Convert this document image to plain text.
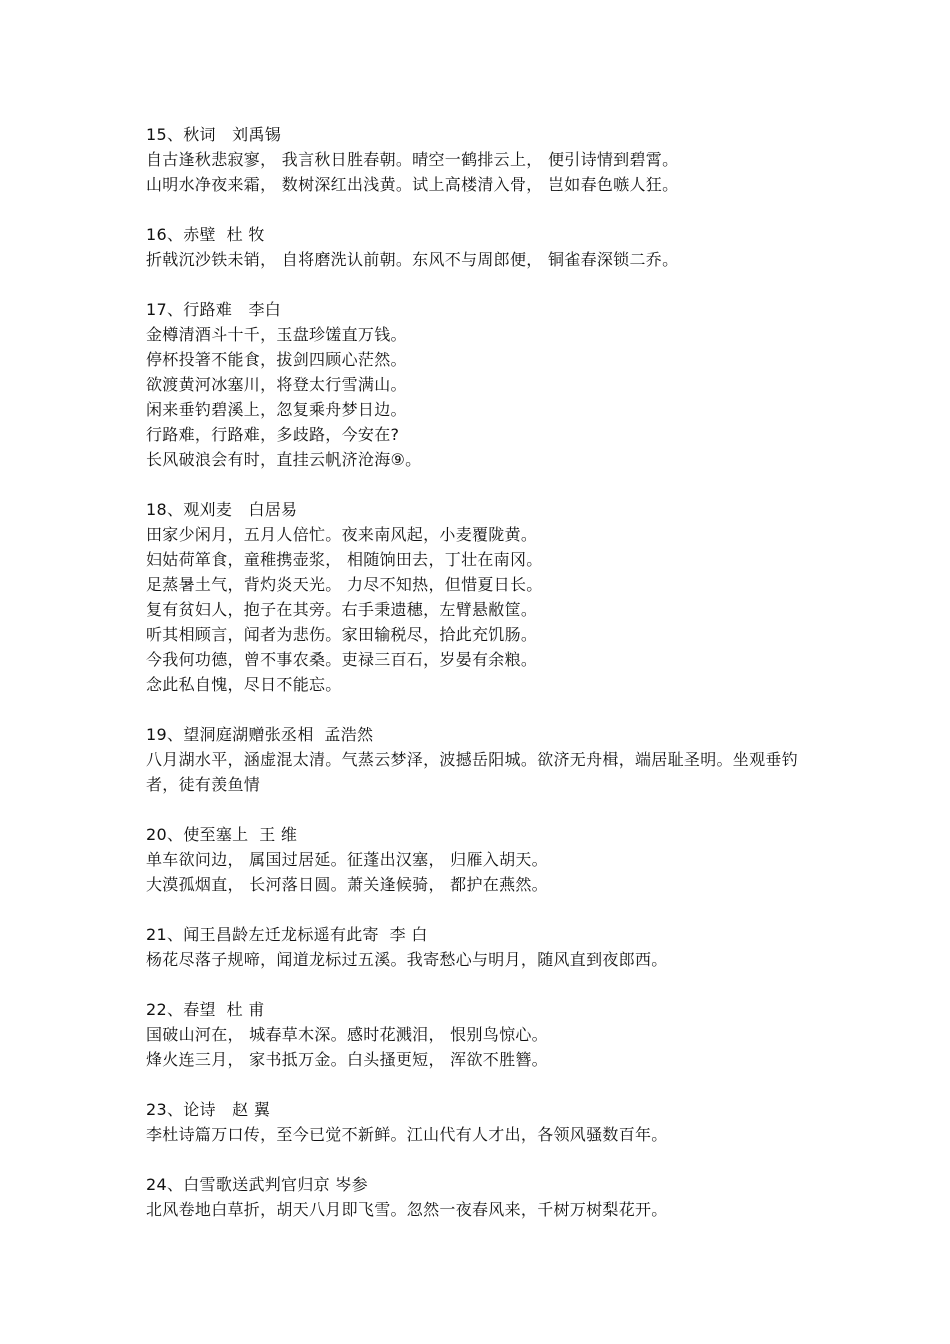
15、秋词　刘禹锡

自古逢秋悲寂寥， 我言秋日胜春朝。晴空一鹤排云上， 便引诗情到碧霄。

山明水净夜来霜， 数树深红出浅黄。试上高楼清入骨， 岂如春色嗾人狂。

16、赤壁  杜 牧

折戟沉沙铁未销， 自将磨洗认前朝。东风不与周郎便， 铜雀春深锁二乔。

17、行路难　李白

金樽清酒斗十千，玉盘珍馐直万钱。

停杯投箸不能食，拔剑四顾心茫然。

欲渡黄河冰塞川，将登太行雪满山。

闲来垂钓碧溪上，忽复乘舟梦日边。

行路难，行路难，多歧路，今安在?

长风破浪会有时，直挂云帆济沧海⑨。

18、观刈麦　白居易

田家少闲月，五月人倍忙。夜来南风起，小麦覆陇黄。

妇姑荷箪食，童稚携壶浆， 相随饷田去，丁壮在南冈。

足蒸暑土气，背灼炎天光。 力尽不知热，但惜夏日长。

复有贫妇人，抱子在其旁。右手秉遗穗，左臂悬敝筐。

听其相顾言，闻者为悲伤。家田输税尽，拾此充饥肠。

今我何功德，曾不事农桑。吏禄三百石，岁晏有余粮。

念此私自愧，尽日不能忘。

19、望洞庭湖赠张丞相  孟浩然

八月湖水平，涵虚混太清。气蒸云梦泽，波撼岳阳城。欲济无舟楫，端居耻圣明。坐观垂钓者，徒有羡鱼情

20、使至塞上  王 维

单车欲问边， 属国过居延。征蓬出汉塞， 归雁入胡天。

大漠孤烟直， 长河落日圆。萧关逢候骑， 都护在燕然。

21、闻王昌龄左迁龙标遥有此寄  李 白

杨花尽落子规啼，闻道龙标过五溪。我寄愁心与明月，随风直到夜郎西。

22、春望  杜 甫

国破山河在， 城春草木深。感时花溅泪， 恨别鸟惊心。

烽火连三月， 家书抵万金。白头搔更短， 浑欲不胜簪。

23、论诗　赵 翼

李杜诗篇万口传，至今已觉不新鲜。江山代有人才出，各领风骚数百年。

24、白雪歌送武判官归京 岑参

北风卷地白草折，胡天八月即飞雪。忽然一夜春风来，千树万树梨花开。
